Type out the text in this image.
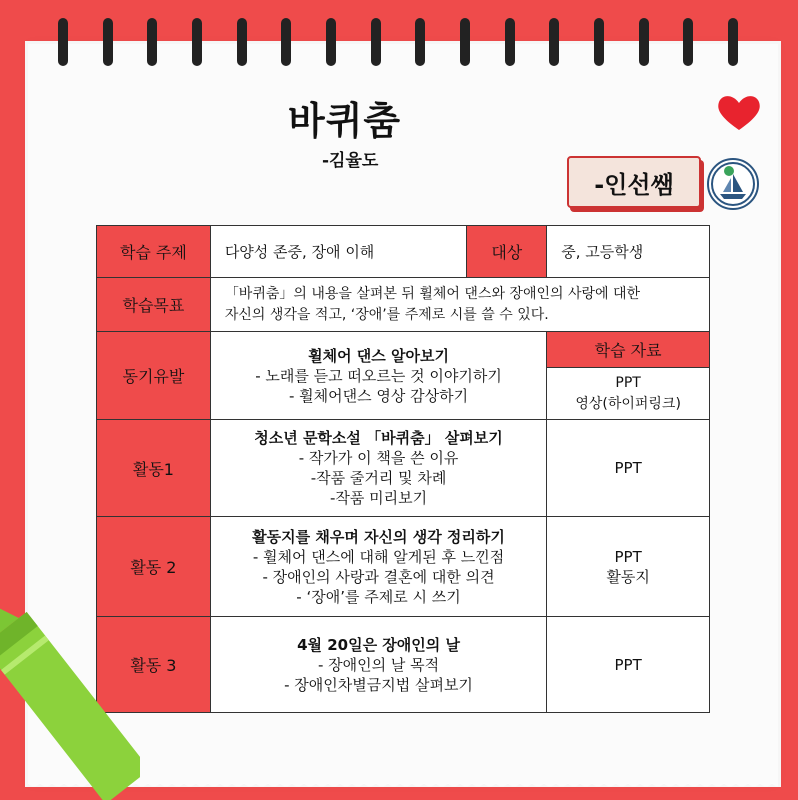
바퀴춤
-김율도
-인선쌤
학습 주제	다양성 존중, 장애 이해	대상	중, 고등학생
학습목표	「바퀴춤」의 내용을 살펴본 뒤 휠체어 댄스와 장애인의 사랑에 대한
자신의 생각을 적고, ‘장애’를 주제로 시를 쓸 수 있다.		
동기유발	휠체어 댄스 알아보기
- 노래를 듣고 떠오르는 것 이야기하기
- 휠체어댄스 영상 감상하기		학습 자료

			PPT
영상(하이퍼링크)

활동1	청소년 문학소설 「바퀴춤」 살펴보기
- 작가가 이 책을 쓴 이유
-작품 줄거리 및 차례
-작품 미리보기		PPT
활동 2	활동지를 채우며 자신의 생각 정리하기
- 휠체어 댄스에 대해 알게된 후 느낀점
- 장애인의 사랑과 결혼에 대한 의견
- ‘장애’를 주제로 시 쓰기		PPT
활동지

활동 3	4월 20일은 장애인의 날
- 장애인의 날 목적
- 장애인차별금지법 살펴보기		PPT
